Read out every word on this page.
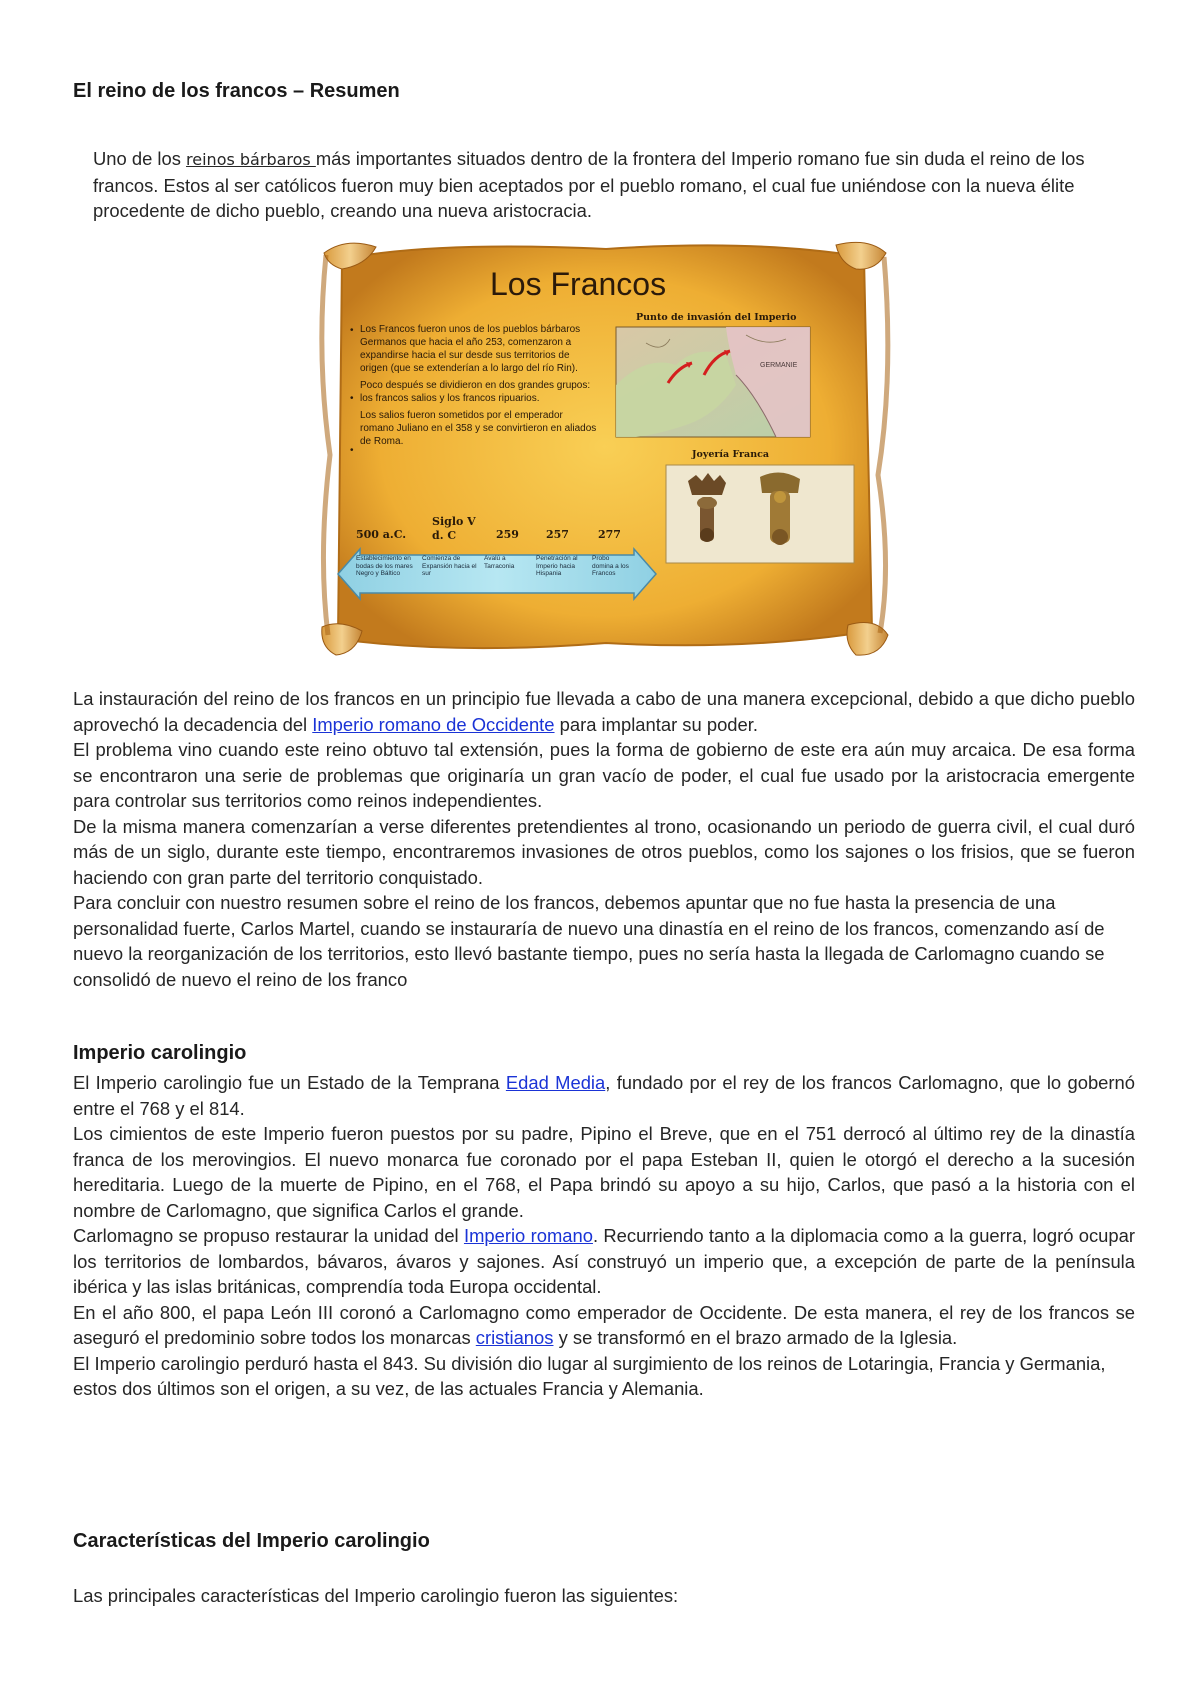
El reino de los francos – Resumen

Uno de los reinos bárbaros más importantes situados dentro de la frontera del Imperio romano fue sin duda el reino de los francos. Estos al ser católicos fueron muy bien aceptados por el pueblo romano, el cual fue uniéndose con la nueva élite procedente de dicho pueblo, creando una nueva aristocracia.

Los Francos
•
•
•
Los Francos fueron unos de los pueblos bárbaros Germanos que hacia el año 253, comenzaron a expandirse hacia el sur desde sus territorios de origen (que se extenderían a lo largo del río Rin).
Poco después se dividieron en dos grandes grupos: los francos salios y los francos ripuarios.
Los salios fueron sometidos por el emperador romano Juliano en el 358 y se convirtieron en aliados de Roma.
Punto de invasión del Imperio
GERMANIE
Joyería Franca
500 a.C.
Siglo V
d. C	259 257	277
Establecimiento en bodas de los mares Negro y Báltico
Comienza de Expansión hacia el sur
Avalú a Tarraconia
Penetración al Imperio hacia Hispania
Probo domina a los Francos

La instauración del reino de los francos en un principio fue llevada a cabo de una manera excepcional, debido a que dicho pueblo aprovechó la decadencia del Imperio romano de Occidente para implantar su poder.

El problema vino cuando este reino obtuvo tal extensión, pues la forma de gobierno de este era aún muy arcaica. De esa forma se encontraron una serie de problemas que originaría un gran vacío de poder, el cual fue usado por la aristocracia emergente para controlar sus territorios como reinos independientes.

De la misma manera comenzarían a verse diferentes pretendientes al trono, ocasionando un periodo de guerra civil, el cual duró más de un siglo, durante este tiempo, encontraremos invasiones de otros pueblos, como los sajones o los frisios, que se fueron haciendo con gran parte del territorio conquistado.

Para concluir con nuestro resumen sobre el reino de los francos, debemos apuntar que no fue hasta la presencia de una personalidad fuerte, Carlos Martel, cuando se instauraría de nuevo una dinastía en el reino de los francos, comenzando así de nuevo la reorganización de los territorios, esto llevó bastante tiempo, pues no sería hasta la llegada de Carlomagno cuando se consolidó de nuevo el reino de los franco

Imperio carolingio

El Imperio carolingio fue un Estado de la Temprana Edad Media, fundado por el rey de los francos Carlomagno, que lo gobernó entre el 768 y el 814.

Los cimientos de este Imperio fueron puestos por su padre, Pipino el Breve, que en el 751 derrocó al último rey de la dinastía franca de los merovingios. El nuevo monarca fue coronado por el papa Esteban II, quien le otorgó el derecho a la sucesión hereditaria. Luego de la muerte de Pipino, en el 768, el Papa brindó su apoyo a su hijo, Carlos, que pasó a la historia con el nombre de Carlomagno, que significa Carlos el grande.

Carlomagno se propuso restaurar la unidad del Imperio romano. Recurriendo tanto a la diplomacia como a la guerra, logró ocupar los territorios de lombardos, bávaros, ávaros y sajones. Así construyó un imperio que, a excepción de parte de la península ibérica y las islas británicas, comprendía toda Europa occidental.

En el año 800, el papa León III coronó a Carlomagno como emperador de Occidente. De esta manera, el rey de los francos se aseguró el predominio sobre todos los monarcas cristianos y se transformó en el brazo armado de la Iglesia.

El Imperio carolingio perduró hasta el 843. Su división dio lugar al surgimiento de los reinos de Lotaringia, Francia y Germania, estos dos últimos son el origen, a su vez, de las actuales Francia y Alemania.

Características del Imperio carolingio

Las principales características del Imperio carolingio fueron las siguientes:
